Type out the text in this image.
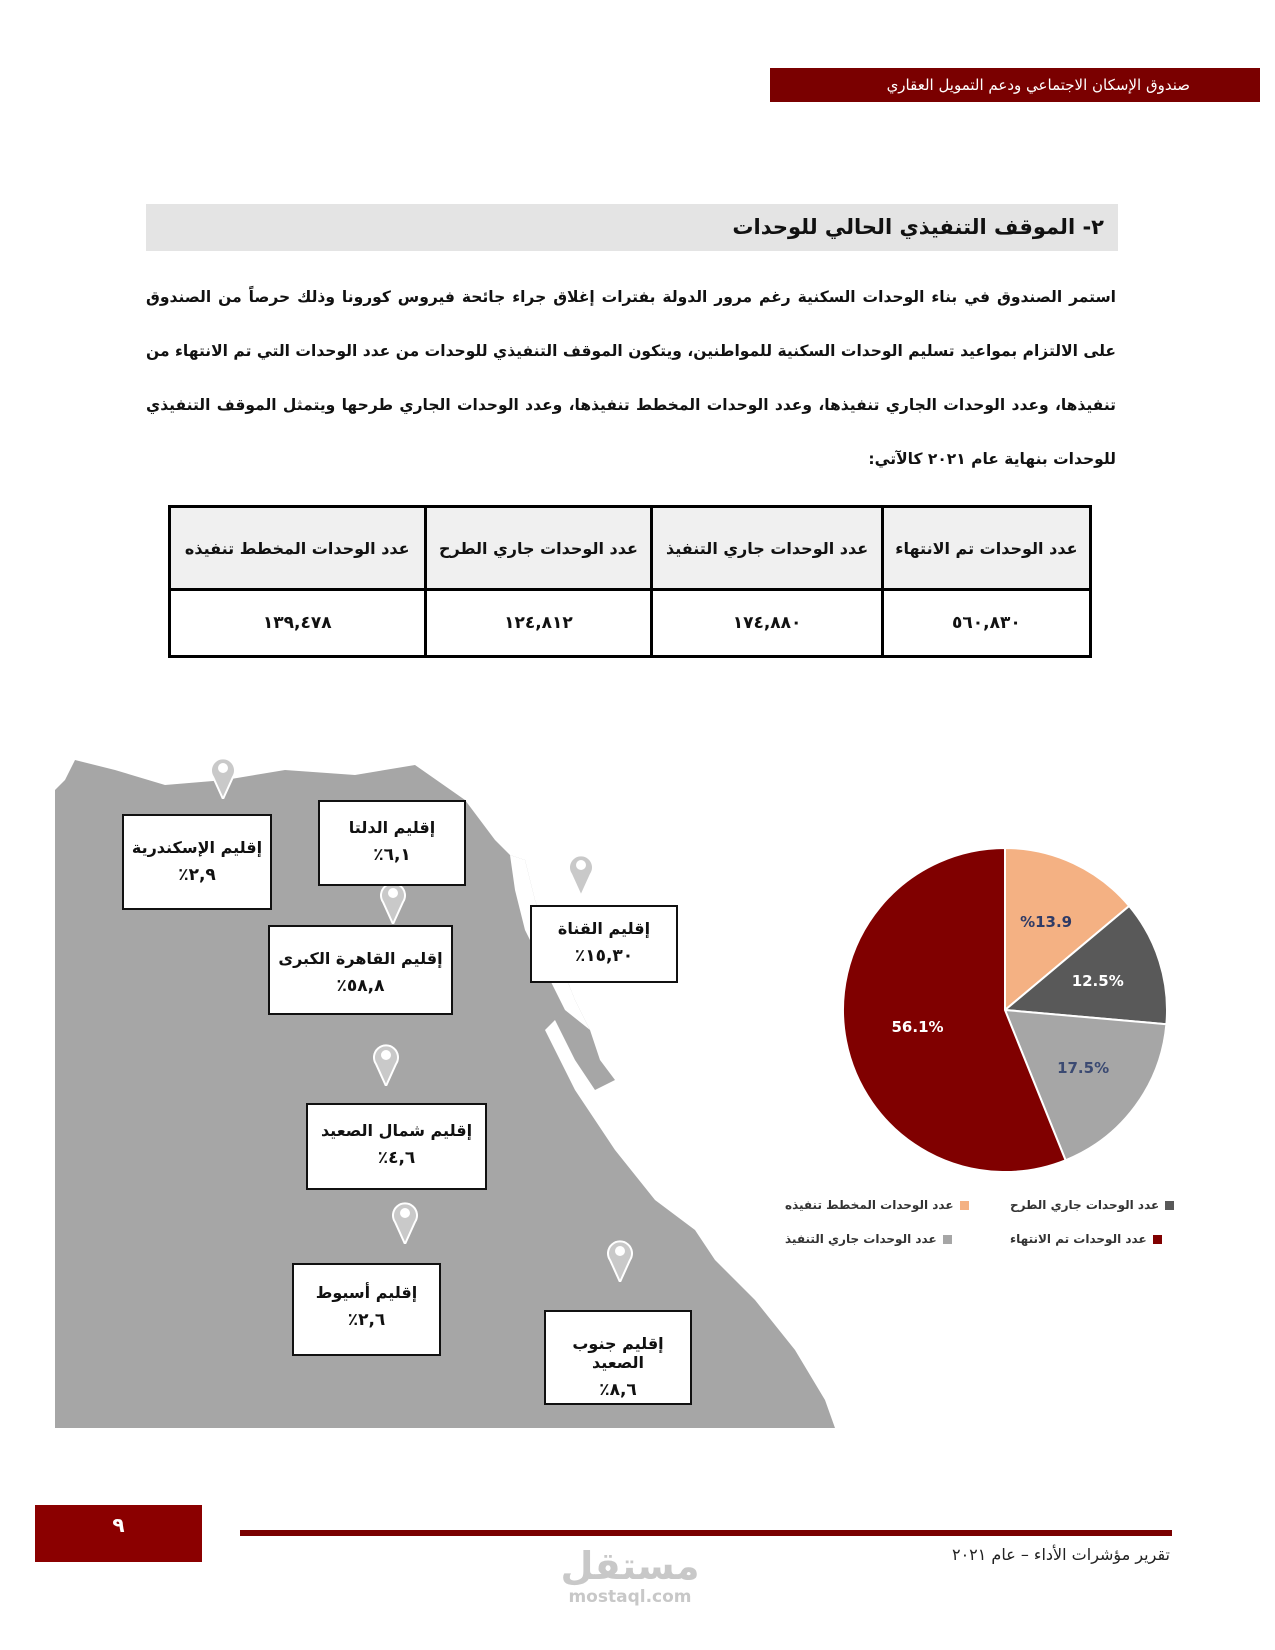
صندوق الإسكان الاجتماعي ودعم التمويل العقاري
٢- الموقف التنفيذي الحالي للوحدات
استمر الصندوق في بناء الوحدات السكنية رغم مرور الدولة بفترات إغلاق جراء جائحة فيروس كورونا وذلك حرصاً من الصندوق على الالتزام بمواعيد تسليم الوحدات السكنية للمواطنين، ويتكون الموقف التنفيذي للوحدات من عدد الوحدات التي تم الانتهاء من تنفيذها، وعدد الوحدات الجاري تنفيذها، وعدد الوحدات المخطط تنفيذها، وعدد الوحدات الجاري طرحها ويتمثل الموقف التنفيذي للوحدات بنهاية عام ٢٠٢١ كالآتي:
عدد الوحدات تم الانتهاء	عدد الوحدات جاري التنفيذ	عدد الوحدات جاري الطرح	عدد الوحدات المخطط تنفيذه
٥٦٠,٨٣٠	١٧٤,٨٨٠	١٢٤,٨١٢	١٣٩,٤٧٨
إقليم الإسكندرية
٢,٩٪
إقليم الدلتا
٦,١٪
إقليم القاهرة الكبرى
٥٨,٨٪
إقليم القناة
١٥,٣٠٪
إقليم شمال الصعيد
٤,٦٪
إقليم أسيوط
٢,٦٪
إقليم جنوب الصعيد
٨,٦٪
%13.9
12.5%
17.5%
56.1%
عدد الوحدات جاري الطرح
عدد الوحدات المخطط تنفيذه
عدد الوحدات تم الانتهاء
عدد الوحدات جاري التنفيذ
٩
تقرير مؤشرات الأداء – عام ٢٠٢١
مستقل
mostaql.com
